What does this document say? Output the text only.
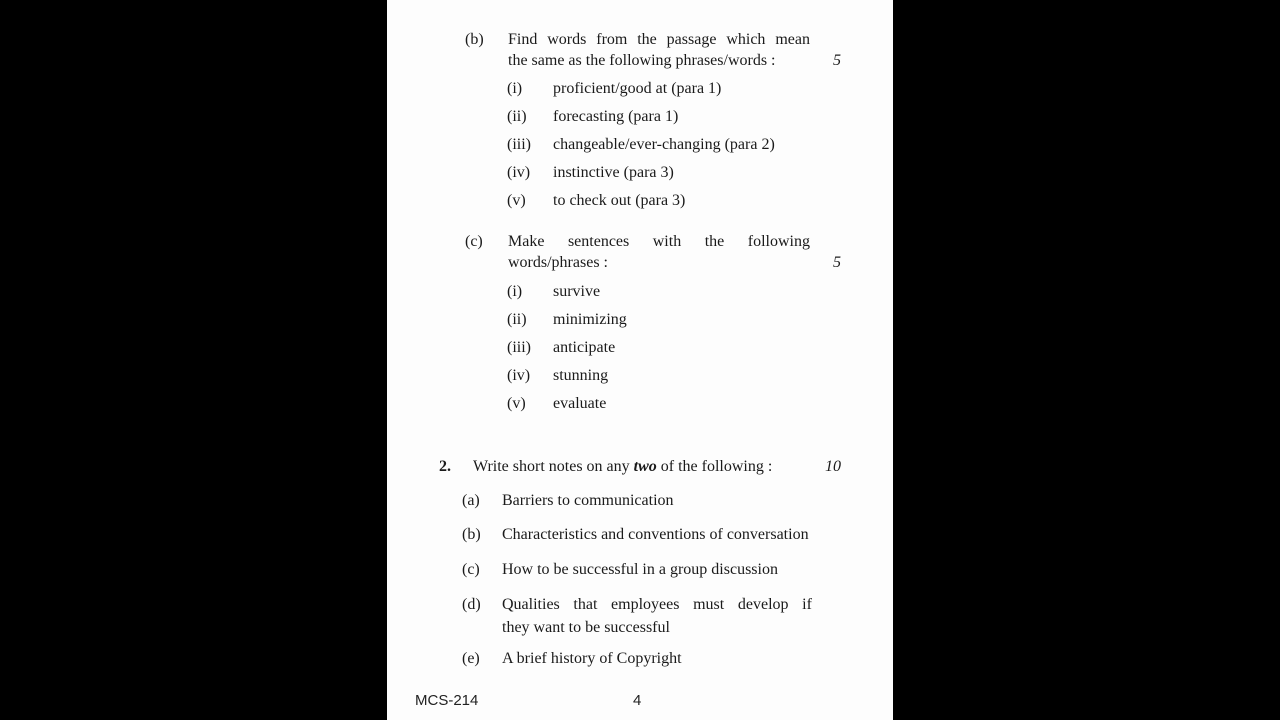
(b) Find words from the passage which mean
the same as the following phrases/words :	5
(i) proficient/good at (para 1)
(ii) forecasting (para 1)
(iii) changeable/ever-changing (para 2)
(iv) instinctive (para 3)
(v) to check out (para 3)
(c) Make sentences with the following
words/phrases :	5
(i) survive
(ii) minimizing
(iii) anticipate
(iv) stunning
(v) evaluate
2. Write short notes on any two of the following :	10
(a) Barriers to communication
(b) Characteristics and conventions of conversation
(c) How to be successful in a group discussion
(d) Qualities that employees must develop if
they want to be successful
(e) A brief history of Copyright
MCS-214	4
